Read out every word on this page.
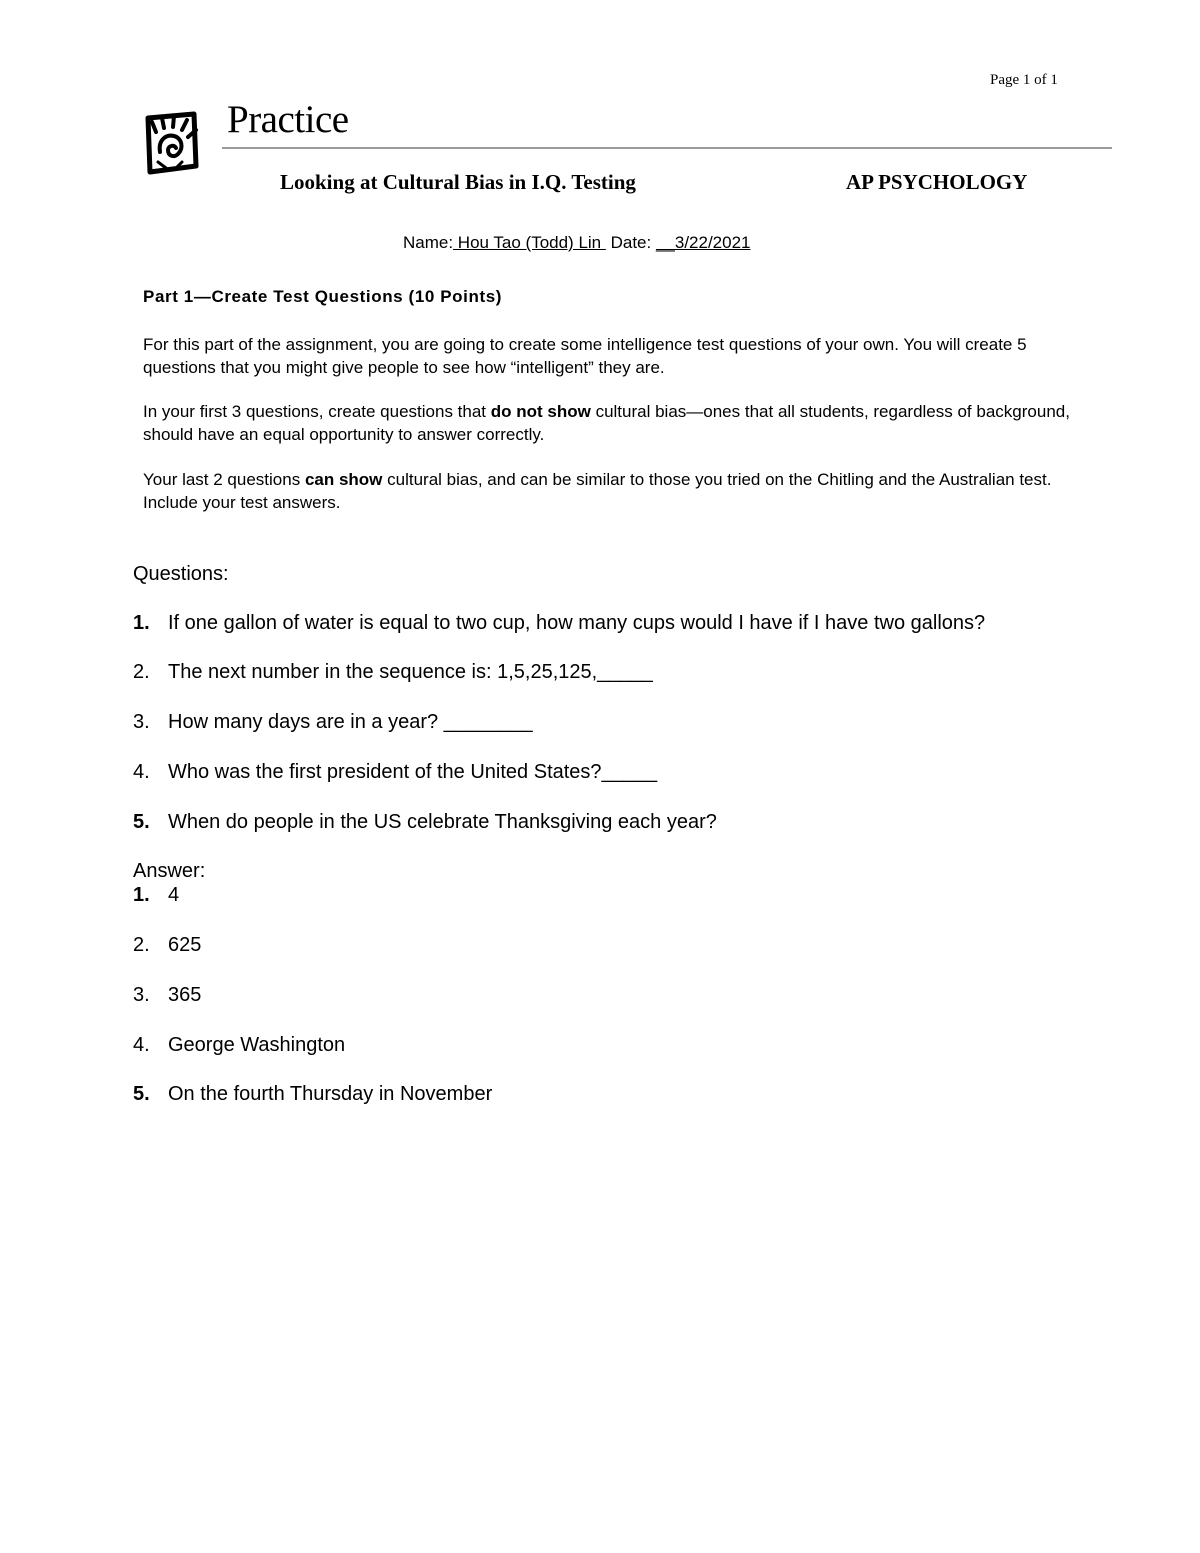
Page 1 of 1
Practice
Looking at Cultural Bias in I.Q. Testing	AP PSYCHOLOGY
Name: Hou Tao (Todd) Lin  Date: __3/22/2021
Part 1—Create Test Questions (10 Points)
For this part of the assignment, you are going to create some intelligence test questions of your own. You will create 5 questions that you might give people to see how “intelligent” they are.
In your first 3 questions, create questions that do not show cultural bias—ones that all students, regardless of background, should have an equal opportunity to answer correctly.
Your last 2 questions can show cultural bias, and can be similar to those you tried on the Chitling and the Australian test. Include your test answers.
Questions:
1. If one gallon of water is equal to two cup, how many cups would I have if I have two gallons?
2. The next number in the sequence is: 1,5,25,125,_____
3. How many days are in a year? ________
4. Who was the first president of the United States?_____
5. When do people in the US celebrate Thanksgiving each year?
Answer:
1. 4
2. 625
3. 365
4. George Washington
5. On the fourth Thursday in November
